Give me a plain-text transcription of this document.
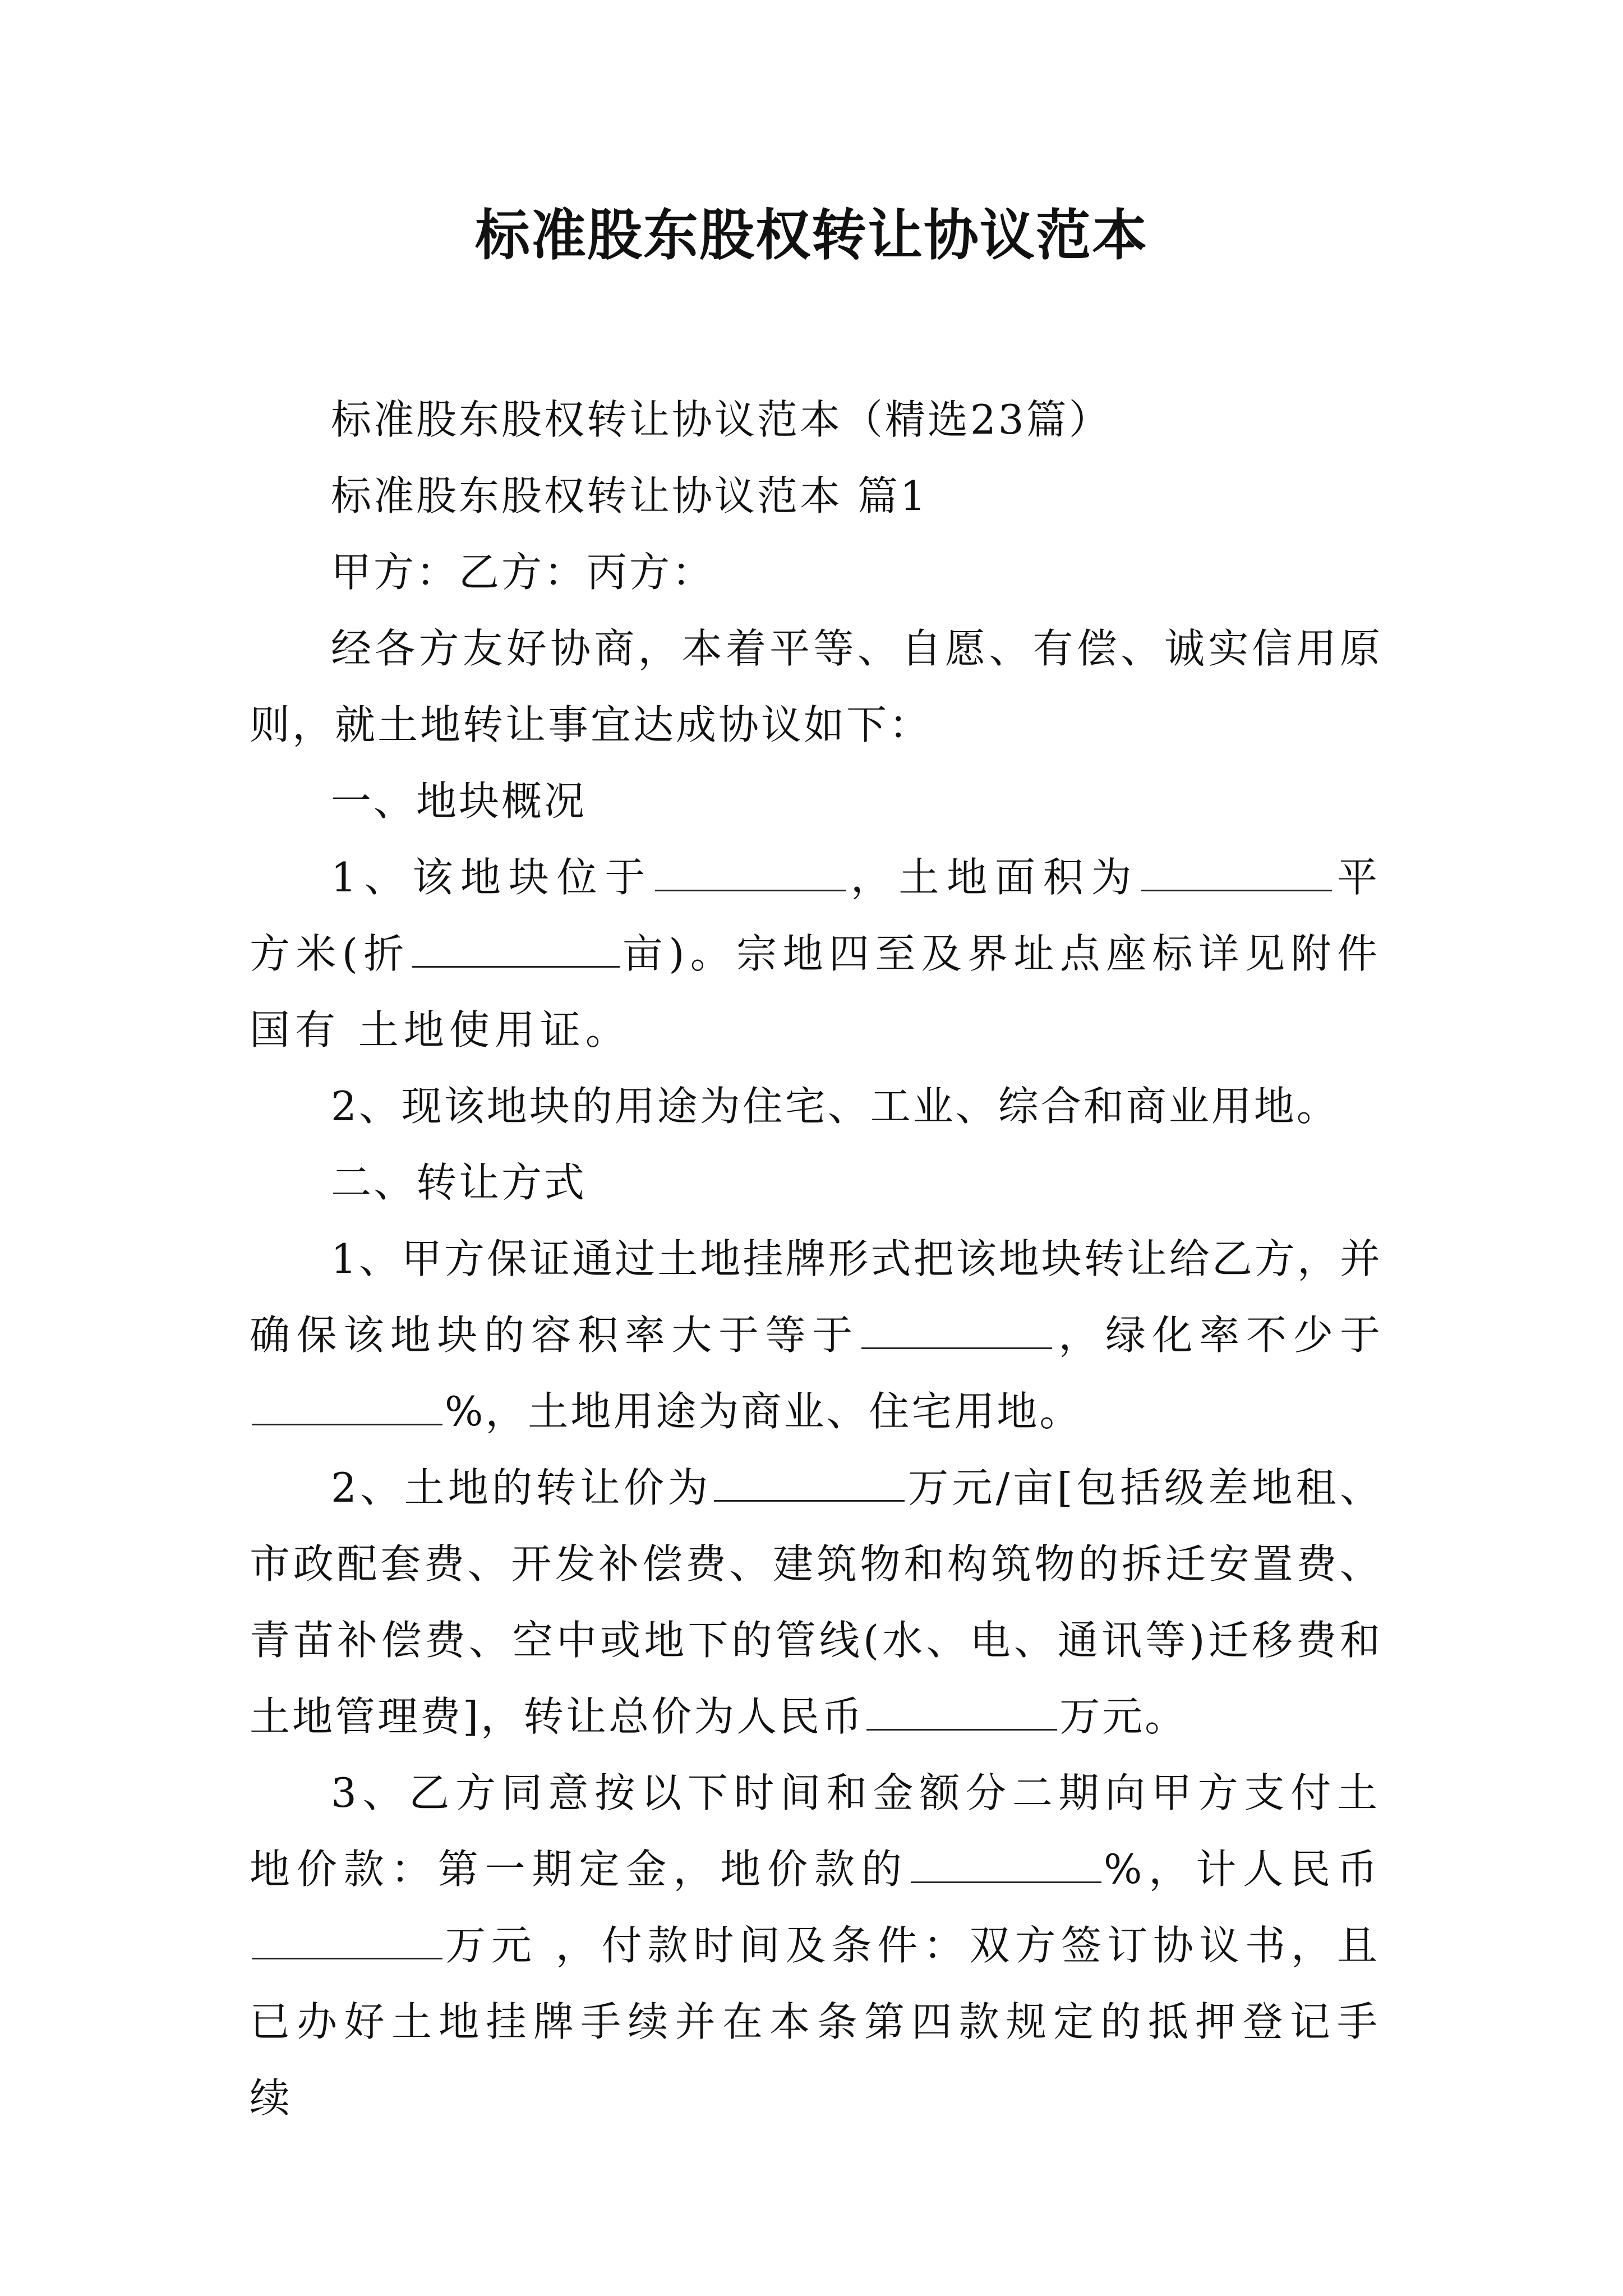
标准股东股权转让协议范本

标准股东股权转让协议范本（精选23篇）

标准股东股权转让协议范本 篇1

甲方：乙方：丙方：

经各方友好协商，本着平等、自愿、有偿、诚实信用原则，就土地转让事宜达成协议如下：

一、地块概况

1、该地块位于	，土地面积为	平方米(折	亩)。宗地四至及界址点座标详见附件国有 土地使用证。

2、现该地块的用途为住宅、工业、综合和商业用地。

二、转让方式

1、甲方保证通过土地挂牌形式把该地块转让给乙方，并确保该地块的容积率大于等于	，绿化率不少于%，土地用途为商业、住宅用地。

2、土地的转让价为	万元/亩[包括级差地租、市政配套费、开发补偿费、建筑物和构筑物的拆迁安置费、青苗补偿费、空中或地下的管线(水、电、通讯等)迁移费和土地管理费]，转让总价为人民币	万元。

3、乙方同意按以下时间和金额分二期向甲方支付土地价款：第一期定金，地价款的	%，计人民币万元 ，付款时间及条件：双方签订协议书，且已办好土地挂牌手续并在本条第四款规定的抵押登记手续
